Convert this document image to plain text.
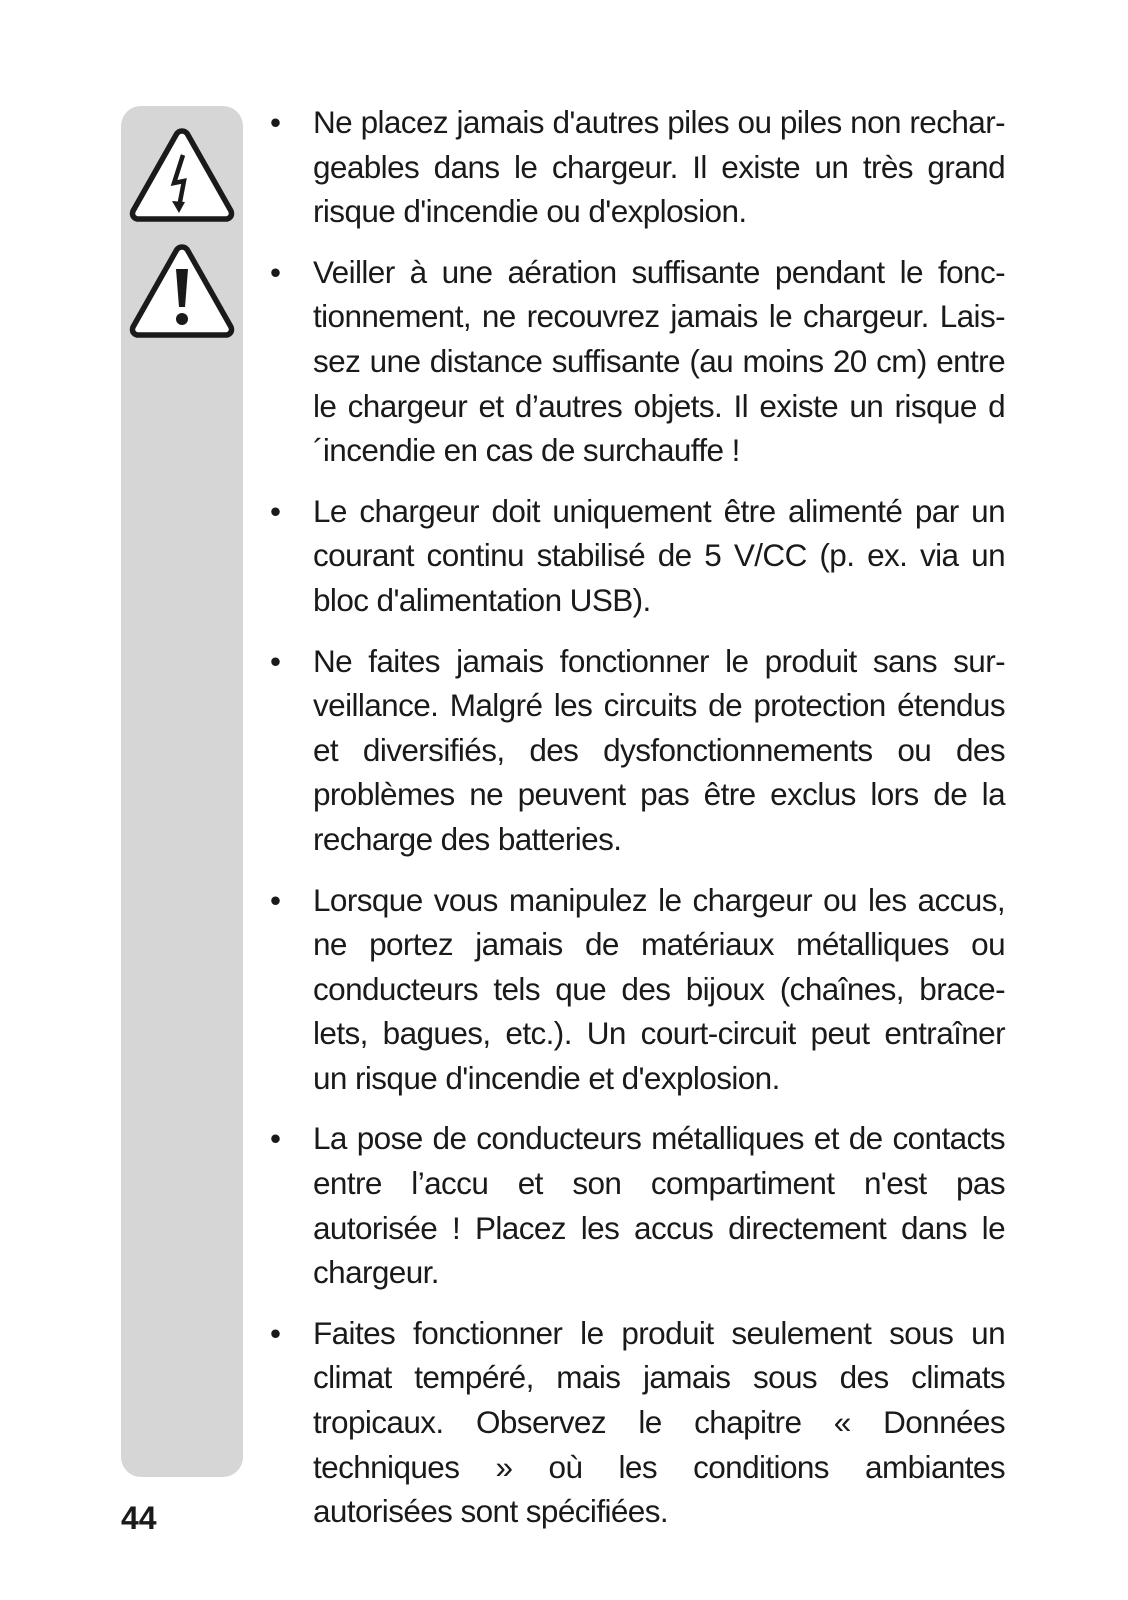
•	Ne placez jamais d'autres piles ou piles non rechar-geables dans le chargeur. Il existe un très grand risque d'incendie ou d'explosion.
•	Veiller à une aération suffisante pendant le fonc-tionnement, ne recouvrez jamais le chargeur. Lais-sez une distance suffisante (au moins 20 cm) entre le chargeur et d’autres objets. Il existe un risque d´incendie en cas de surchauffe !
•	Le chargeur doit uniquement être alimenté par un courant continu stabilisé de 5 V/CC (p. ex. via un bloc d'alimentation USB).
•	Ne faites jamais fonctionner le produit sans sur-veillance. Malgré les circuits de protection étendus et diversifiés, des dysfonctionnements ou des problèmes ne peuvent pas être exclus lors de la recharge des batteries.
•	Lorsque vous manipulez le chargeur ou les accus, ne portez jamais de matériaux métalliques ou conducteurs tels que des bijoux (chaînes, brace-lets, bagues, etc.). Un court-circuit peut entraîner un risque d'incendie et d'explosion.
•	La pose de conducteurs métalliques et de contacts entre l’accu et son compartiment n'est pas autorisée ! Placez les accus directement dans le chargeur.
•	Faites fonctionner le produit seulement sous un climat tempéré, mais jamais sous des climats tropicaux. Observez le chapitre « Données techniques » où les conditions ambiantes autorisées sont spécifiées.
44
